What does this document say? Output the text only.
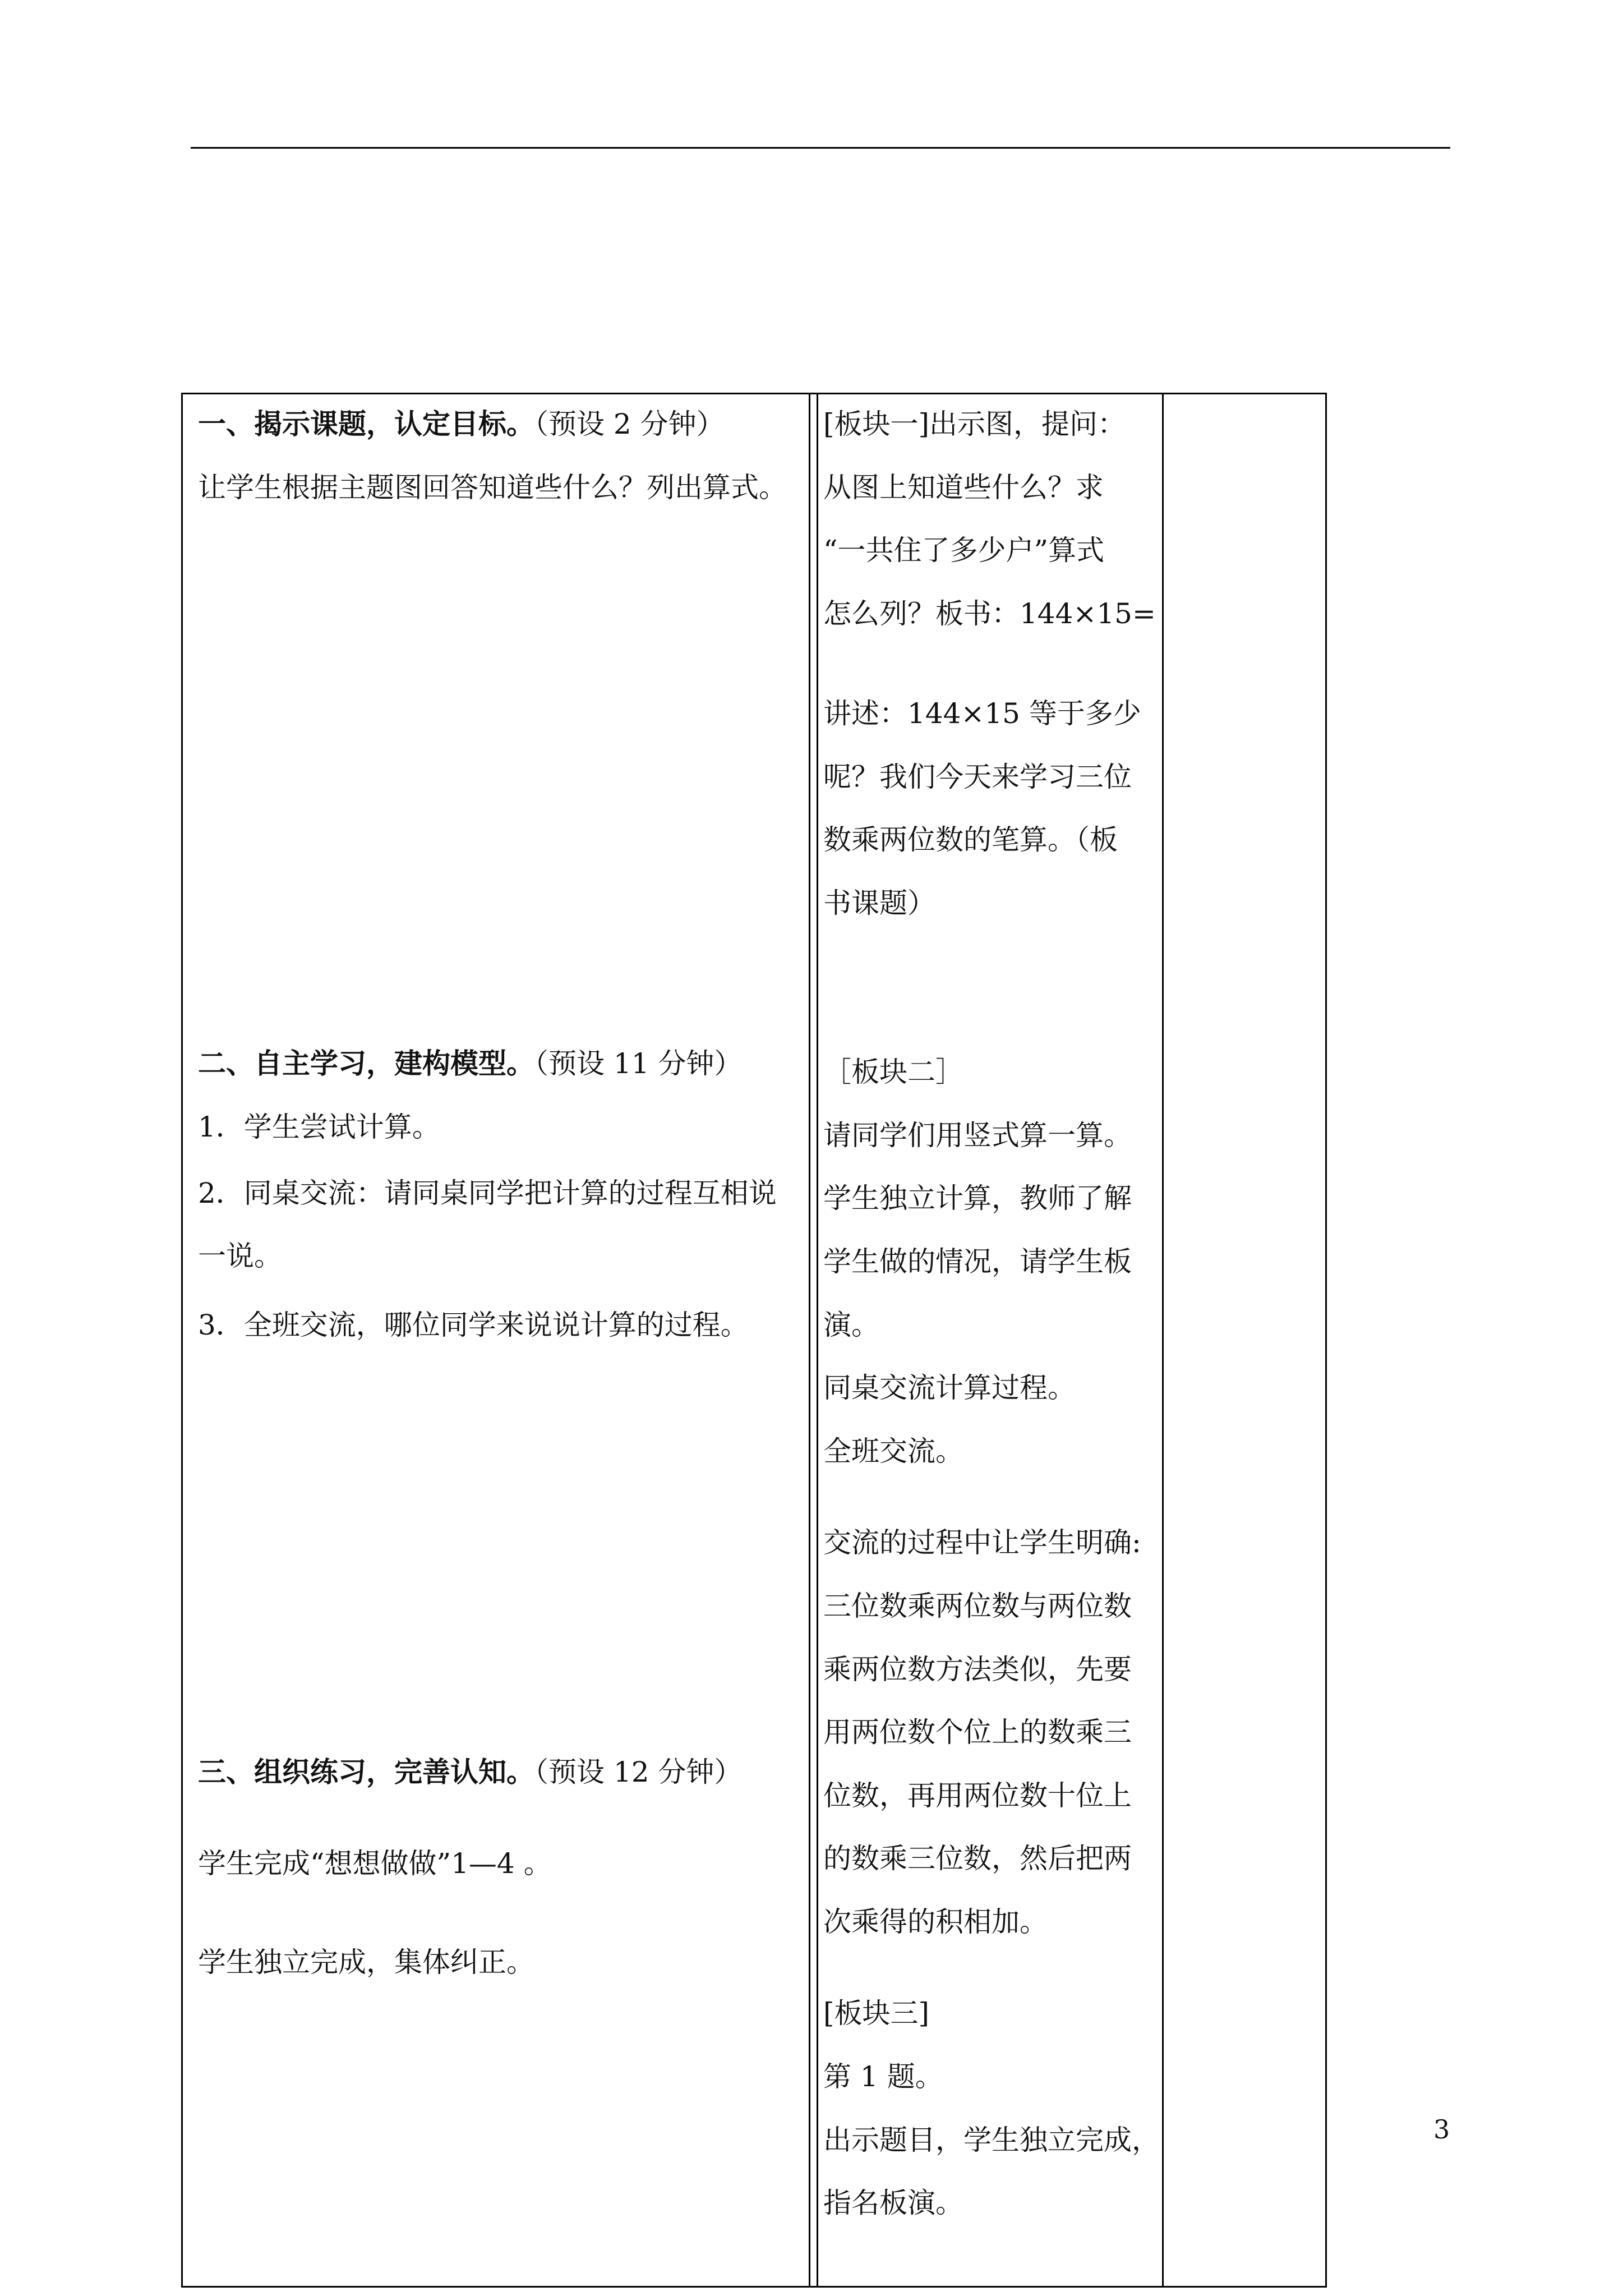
一、揭示课题，认定目标。（预设 2 分钟）
让学生根据主题图回答知道些什么？列出算式。
二、自主学习，建构模型。（预设 11 分钟）
1．学生尝试计算。
2．同桌交流：请同桌同学把计算的过程互相说
一说。
3．全班交流，哪位同学来说说计算的过程。
三、组织练习，完善认知。（预设 12 分钟）
学生完成“想想做做”1—4 。
学生独立完成，集体纠正。
[板块一]出示图，提问：
从图上知道些什么？求
“一共住了多少户”算式
怎么列？板书：144×15=
讲述：144×15 等于多少
呢？我们今天来学习三位
数乘两位数的笔算。（板
书课题）
［板块二］
请同学们用竖式算一算。
学生独立计算，教师了解
学生做的情况，请学生板
演。
同桌交流计算过程。
全班交流。
交流的过程中让学生明确:
三位数乘两位数与两位数
乘两位数方法类似，先要
用两位数个位上的数乘三
位数，再用两位数十位上
的数乘三位数，然后把两
次乘得的积相加。
[板块三]
第 1 题。
出示题目，学生独立完成，
指名板演。
3
